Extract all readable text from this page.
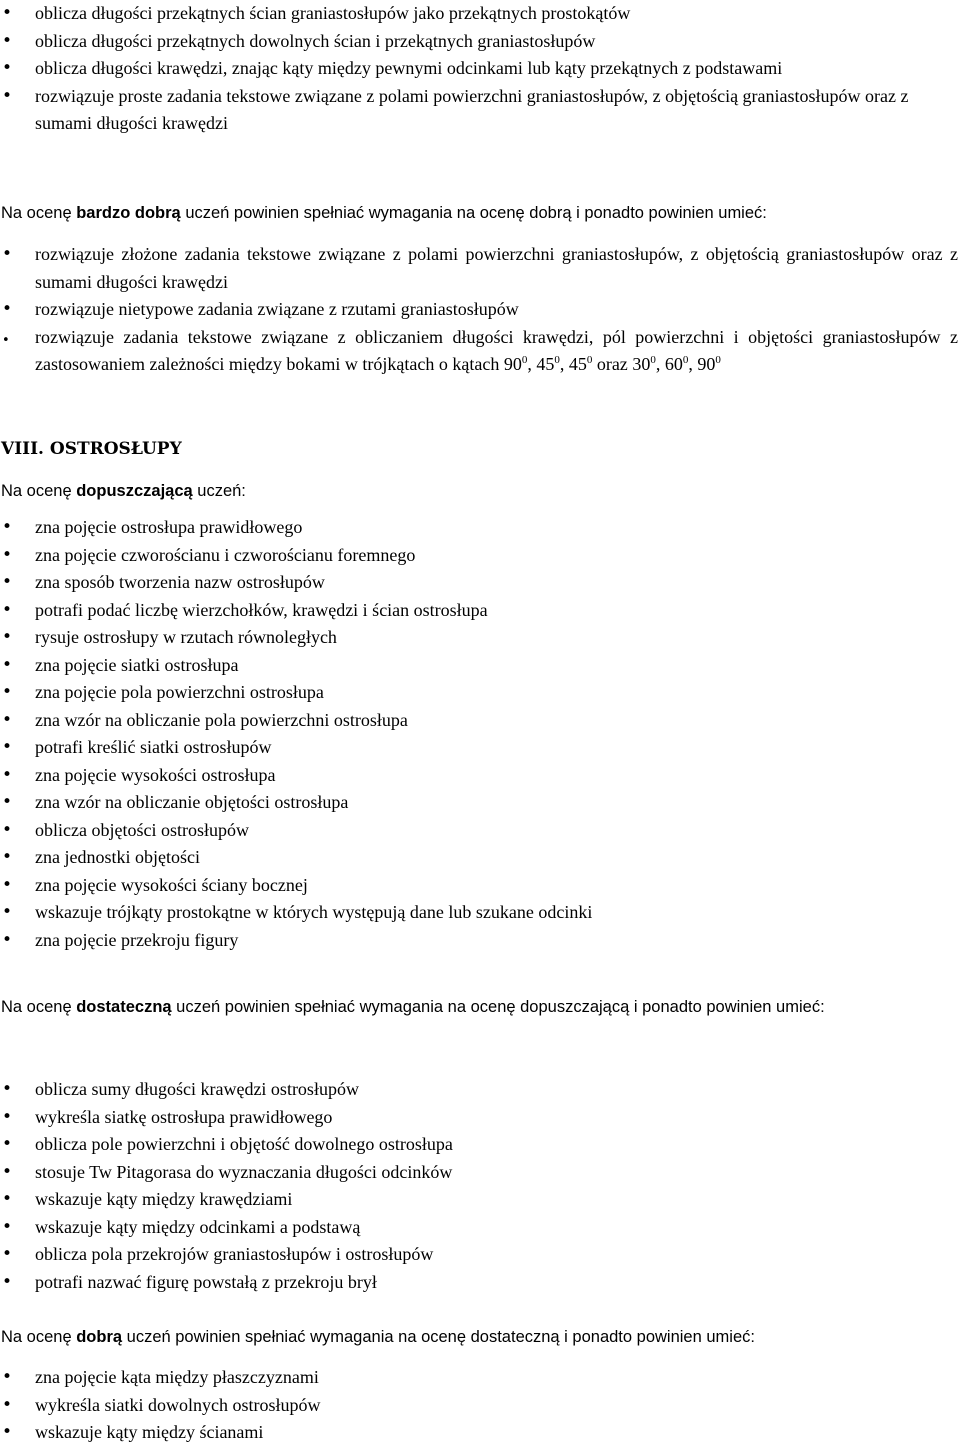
• oblicza długości przekątnych ścian graniastosłupów jako przekątnych prostokątów
• oblicza długości przekątnych dowolnych ścian i przekątnych graniastosłupów
• oblicza długości krawędzi, znając kąty między pewnymi odcinkami lub kąty przekątnych z podstawami
• rozwiązuje proste zadania tekstowe związane z polami powierzchni graniastosłupów, z objętością graniastosłupów oraz z sumami długości krawędzi

Na ocenę bardzo dobrą uczeń powinien spełniać wymagania na ocenę dobrą i ponadto powinien umieć:

• rozwiązuje złożone zadania tekstowe związane z polami powierzchni graniastosłupów, z objętością graniastosłupów oraz z sumami długości krawędzi
• rozwiązuje nietypowe zadania związane z rzutami graniastosłupów
• rozwiązuje zadania tekstowe związane z obliczaniem długości krawędzi, pól powierzchni i objętości graniastosłupów z zastosowaniem zależności między bokami w trójkątach o kątach $90^0$, $45^0$, $45^0$ oraz $30^0$, $60^0$, $90^0$
VIII. OSTROSŁUPY

Na ocenę dopuszczającą uczeń:

• zna pojęcie ostrosłupa prawidłowego
• zna pojęcie czworościanu i czworościanu foremnego
• zna sposób tworzenia nazw ostrosłupów
• potrafi podać liczbę wierzchołków, krawędzi i ścian ostrosłupa
• rysuje ostrosłupy w rzutach równoległych
• zna pojęcie siatki ostrosłupa
• zna pojęcie pola powierzchni ostrosłupa
• zna wzór na obliczanie pola powierzchni ostrosłupa
• potrafi kreślić siatki ostrosłupów
• zna pojęcie wysokości ostrosłupa
• zna wzór na obliczanie objętości ostrosłupa
• oblicza objętości ostrosłupów
• zna jednostki objętości
• zna pojęcie wysokości ściany bocznej
• wskazuje trójkąty prostokątne w których występują dane lub szukane odcinki
• zna pojęcie przekroju figury

Na ocenę dostateczną uczeń powinien spełniać wymagania na ocenę dopuszczającą i ponadto powinien umieć:

• oblicza sumy długości krawędzi ostrosłupów
• wykreśla siatkę ostrosłupa prawidłowego
• oblicza pole powierzchni i objętość dowolnego ostrosłupa
• stosuje Tw Pitagorasa do wyznaczania długości odcinków
• wskazuje kąty między krawędziami
• wskazuje kąty między odcinkami a podstawą
• oblicza pola przekrojów graniastosłupów i ostrosłupów
• potrafi nazwać figurę powstałą z przekroju brył

Na ocenę dobrą uczeń powinien spełniać wymagania na ocenę dostateczną i ponadto powinien umieć:

• zna pojęcie kąta między płaszczyznami
• wykreśla siatki dowolnych ostrosłupów
• wskazuje kąty między ścianami
